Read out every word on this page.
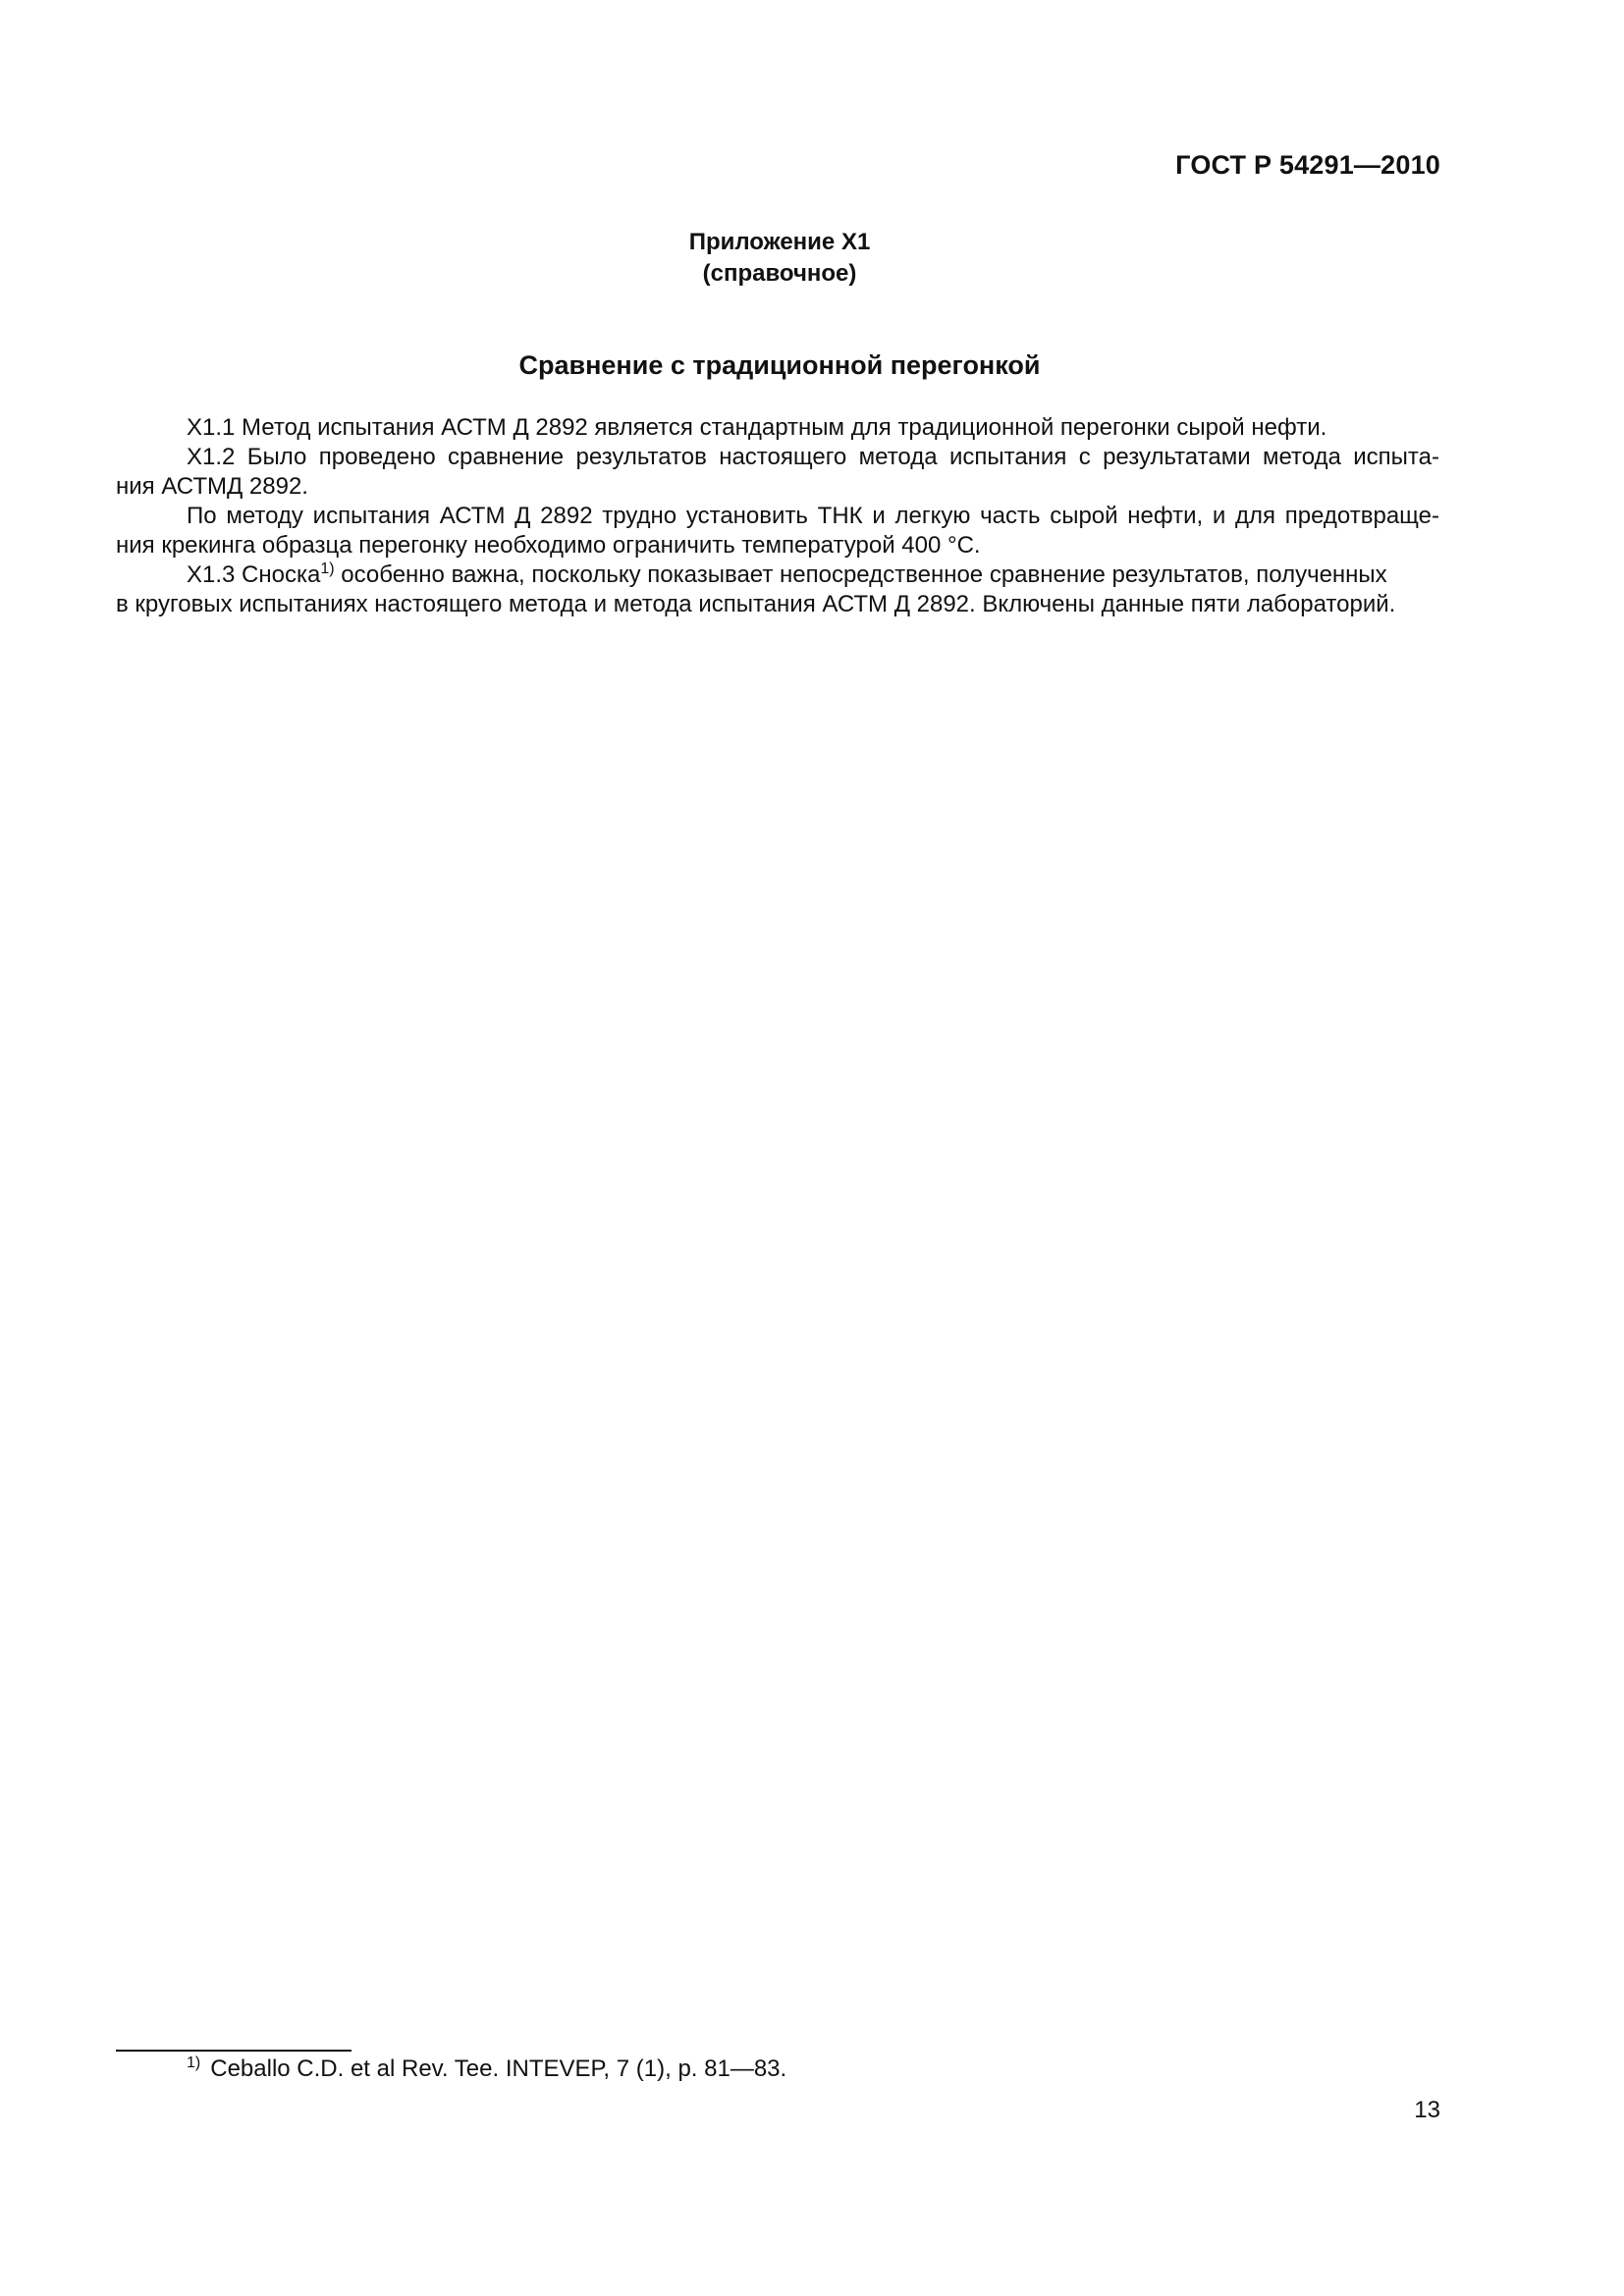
ГОСТ Р 54291—2010
Приложение Х1
(справочное)
Сравнение с традиционной перегонкой

Х1.1 Метод испытания АСТМ Д 2892 является стандартным для традиционной перегонки сырой нефти.

Х1.2 Было проведено сравнение результатов настоящего метода испытания с результатами метода испыта-
ния АСТМД 2892.

По методу испытания АСТМ Д 2892 трудно установить ТНК и легкую часть сырой нефти, и для предотвраще-
ния крекинга образца перегонку необходимо ограничить температурой 400 °С.

Х1.3 Сноска$^{1)}$ особенно важна, поскольку показывает непосредственное сравнение результатов, полученных
в круговых испытаниях настоящего метода и метода испытания АСТМ Д 2892. Включены данные пяти лабораторий.

$^{1)}$ Ceballo C.D. et al Rev. Tee. INTEVEP, 7 (1), p. 81—83.
13
